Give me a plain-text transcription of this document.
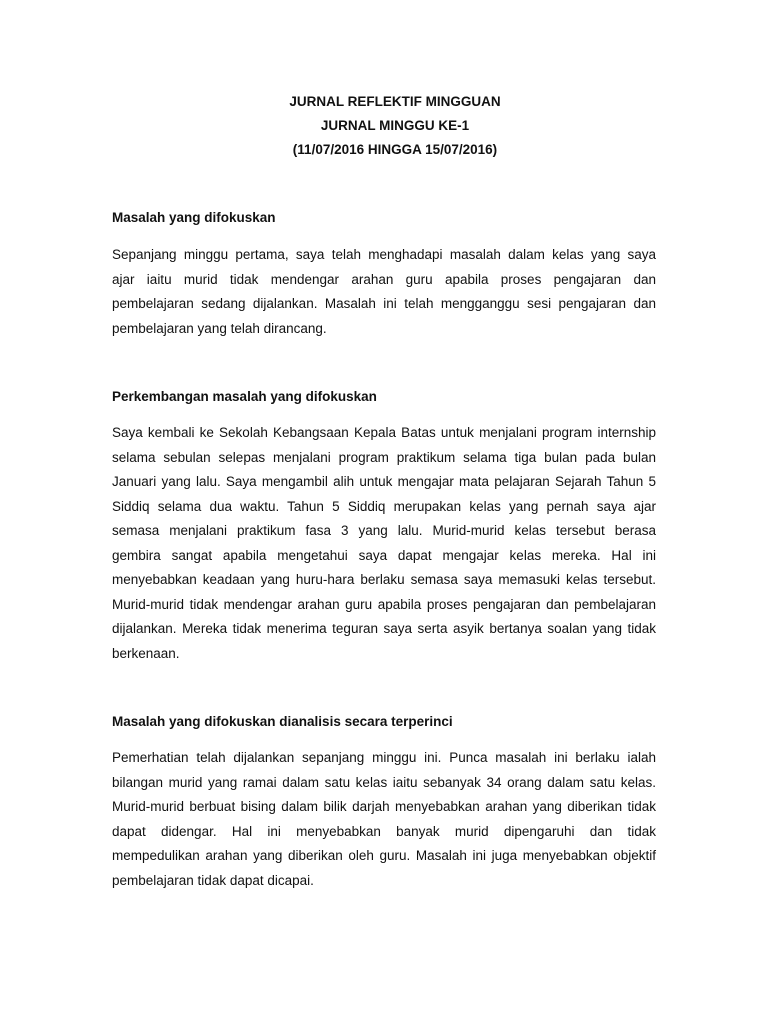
JURNAL REFLEKTIF MINGGUAN
JURNAL MINGGU KE-1
(11/07/2016 HINGGA 15/07/2016)
Masalah yang difokuskan
Sepanjang minggu pertama, saya telah menghadapi masalah dalam kelas yang saya
ajar iaitu murid tidak mendengar arahan guru apabila proses pengajaran dan
pembelajaran sedang dijalankan. Masalah ini telah mengganggu sesi pengajaran dan
pembelajaran yang telah dirancang.
Perkembangan masalah yang difokuskan
Saya kembali ke Sekolah Kebangsaan Kepala Batas untuk menjalani program internship
selama sebulan selepas menjalani program praktikum selama tiga bulan pada bulan
Januari yang lalu. Saya mengambil alih untuk mengajar mata pelajaran Sejarah Tahun 5
Siddiq selama dua waktu. Tahun 5 Siddiq merupakan kelas yang pernah saya ajar
semasa menjalani praktikum fasa 3 yang lalu. Murid-murid kelas tersebut berasa
gembira sangat apabila mengetahui saya dapat mengajar kelas mereka. Hal ini
menyebabkan keadaan yang huru-hara berlaku semasa saya memasuki kelas tersebut.
Murid-murid tidak mendengar arahan guru apabila proses pengajaran dan pembelajaran
dijalankan. Mereka tidak menerima teguran saya serta asyik bertanya soalan yang tidak
berkenaan.
Masalah yang difokuskan dianalisis secara terperinci
Pemerhatian telah dijalankan sepanjang minggu ini. Punca masalah ini berlaku ialah
bilangan murid yang ramai dalam satu kelas iaitu sebanyak 34 orang dalam satu kelas.
Murid-murid berbuat bising dalam bilik darjah menyebabkan arahan yang diberikan tidak
dapat didengar. Hal ini menyebabkan banyak murid dipengaruhi dan tidak
mempedulikan arahan yang diberikan oleh guru. Masalah ini juga menyebabkan objektif
pembelajaran tidak dapat dicapai.
